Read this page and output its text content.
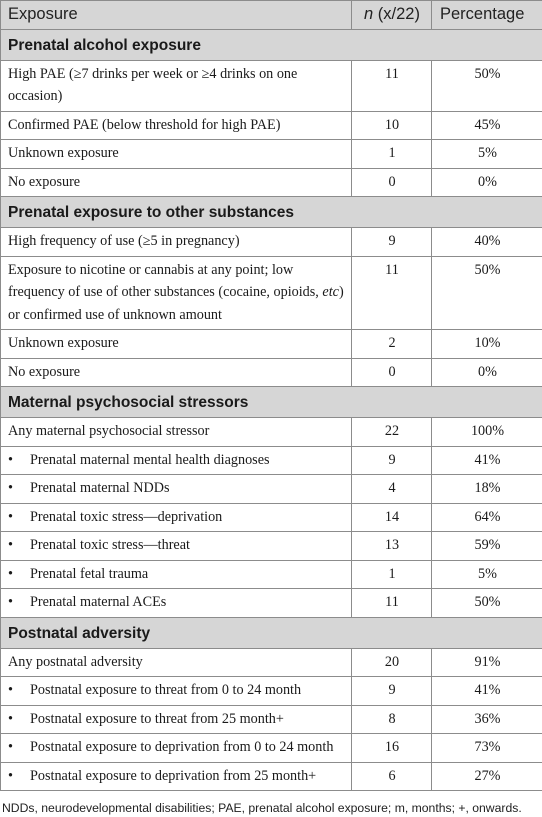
Exposure	n (x/22)	Percentage
Prenatal alcohol exposure		
High PAE (≥7 drinks per week or ≥4 drinks on one occasion)	11	50%
Confirmed PAE (below threshold for high PAE)	10	45%
Unknown exposure	1	5%
No exposure	0	0%
Prenatal exposure to other substances		
High frequency of use (≥5 in pregnancy)	9	40%
Exposure to nicotine or cannabis at any point; low frequency of use of other substances (cocaine, opioids, etc) or confirmed use of unknown amount	11	50%
Unknown exposure	2	10%
No exposure	0	0%
Maternal psychosocial stressors		
Any maternal psychosocial stressor	22	100%
• Prenatal maternal mental health diagnoses	9	41%
• Prenatal maternal NDDs	4	18%
• Prenatal toxic stress—deprivation	14	64%
• Prenatal toxic stress—threat	13	59%
• Prenatal fetal trauma	1	5%
• Prenatal maternal ACEs	11	50%
Postnatal adversity		
Any postnatal adversity	20	91%
• Postnatal exposure to threat from 0 to 24 month	9	41%
• Postnatal exposure to threat from 25 month+	8	36%
• Postnatal exposure to deprivation from 0 to 24 month	16	73%
• Postnatal exposure to deprivation from 25 month+	6	27%
NDDs, neurodevelopmental disabilities; PAE, prenatal alcohol exposure; m, months; +, onwards.
